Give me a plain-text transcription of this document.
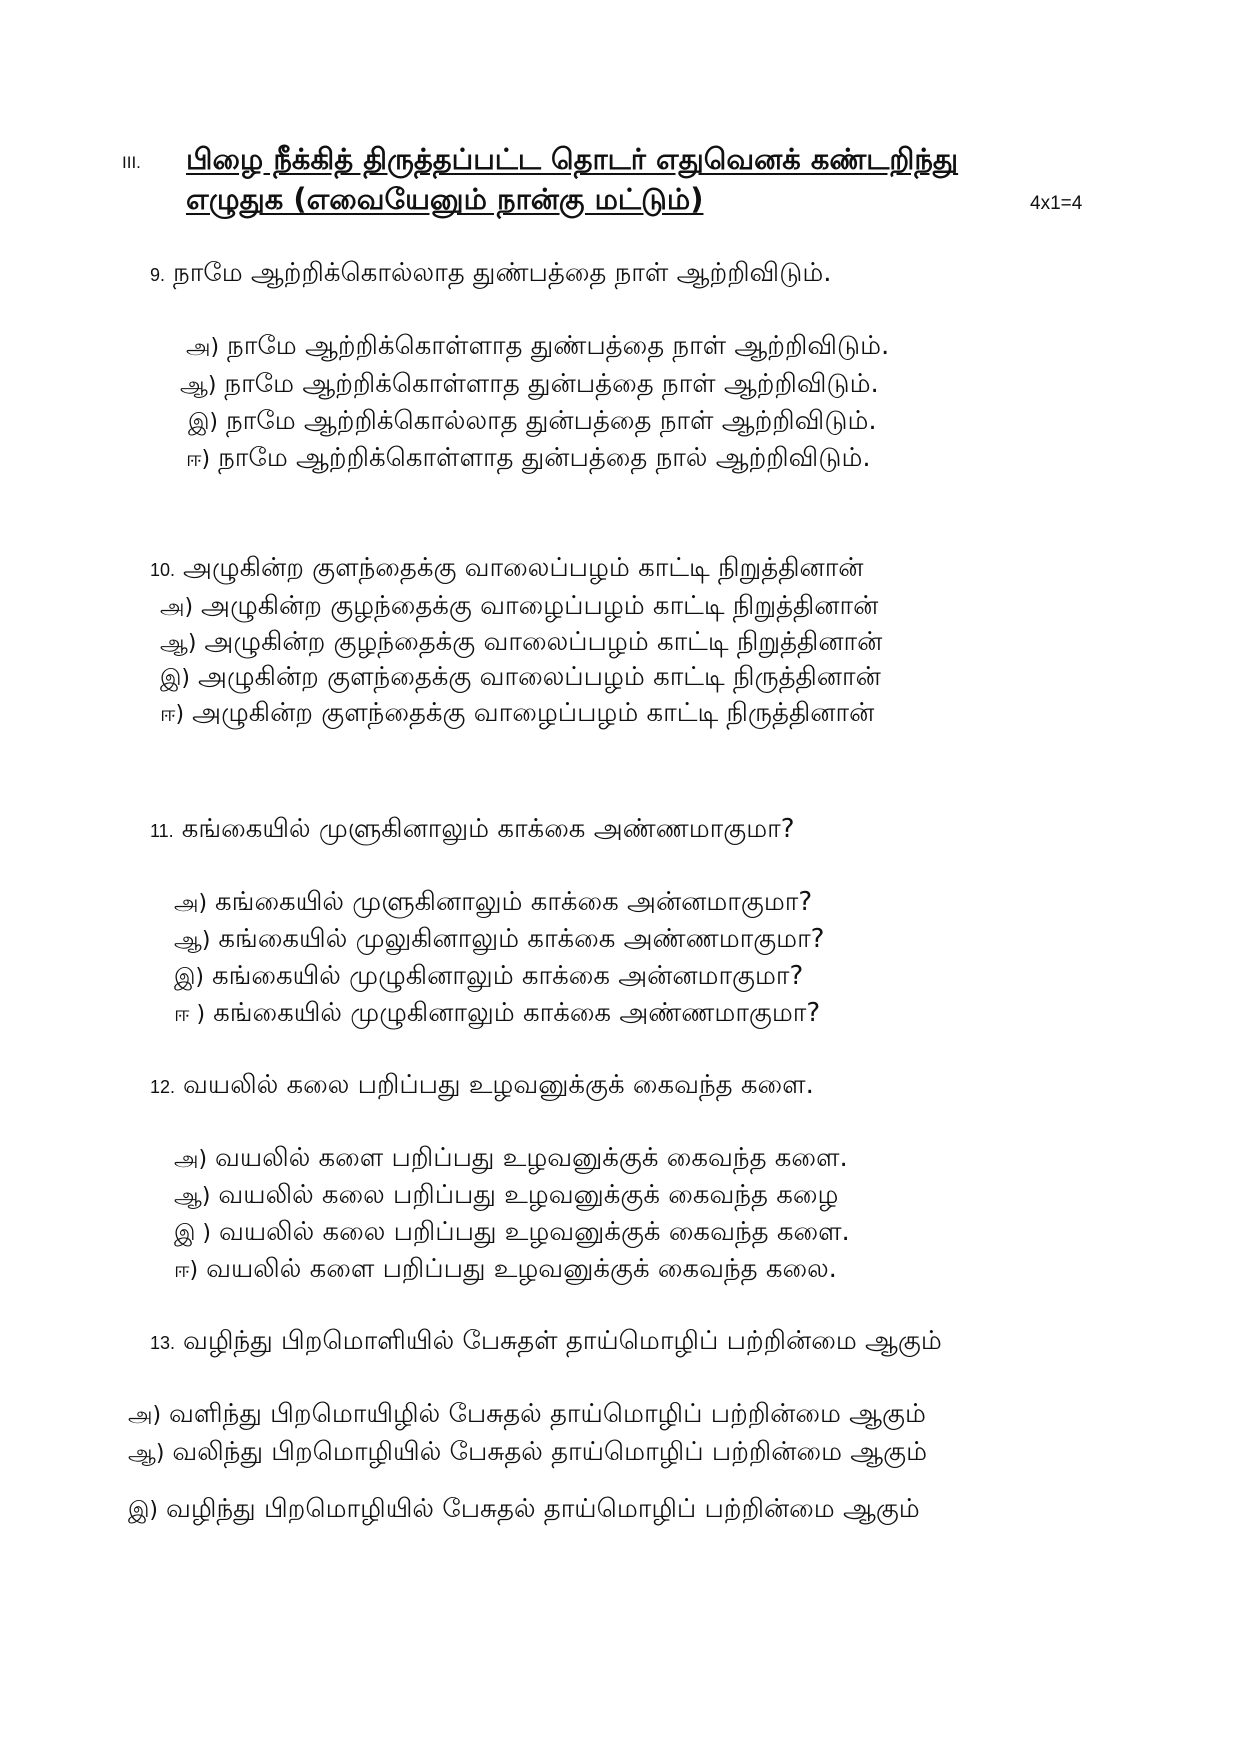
III. பிழை நீக்கித் திருத்தப்பட்ட தொடர் எதுவெனக் கண்டறிந்து
எழுதுக (எவையேனும் நான்கு மட்டும்)	4x1=4
9. நாமே ஆற்றிக்கொல்லாத துண்பத்தை நாள் ஆற்றிவிடும்.
அ) நாமே ஆற்றிக்கொள்ளாத துண்பத்தை நாள் ஆற்றிவிடும்.
ஆ) நாமே ஆற்றிக்கொள்ளாத துன்பத்தை நாள் ஆற்றிவிடும்.
இ) நாமே ஆற்றிக்கொல்லாத துன்பத்தை நாள் ஆற்றிவிடும்.
ஈ) நாமே ஆற்றிக்கொள்ளாத துன்பத்தை நால் ஆற்றிவிடும்.
10. அழுகின்ற குளந்தைக்கு வாலைப்பழம் காட்டி நிறுத்தினான்
அ) அழுகின்ற குழந்தைக்கு வாழைப்பழம் காட்டி நிறுத்தினான்
ஆ) அழுகின்ற குழந்தைக்கு வாலைப்பழம் காட்டி நிறுத்தினான்
இ) அழுகின்ற குளந்தைக்கு வாலைப்பழம் காட்டி நிருத்தினான்
ஈ) அழுகின்ற குளந்தைக்கு வாழைப்பழம் காட்டி நிருத்தினான்
11. கங்கையில் முளுகினாலும் காக்கை அண்ணமாகுமா?
அ) கங்கையில் முளுகினாலும் காக்கை அன்னமாகுமா?
ஆ) கங்கையில் முலுகினாலும் காக்கை அண்ணமாகுமா?
இ) கங்கையில் முழுகினாலும் காக்கை அன்னமாகுமா?
ஈ ) கங்கையில் முழுகினாலும் காக்கை அண்ணமாகுமா?
12. வயலில் கலை பறிப்பது உழவனுக்குக் கைவந்த களை.
அ) வயலில் களை பறிப்பது உழவனுக்குக் கைவந்த களை.
ஆ) வயலில் கலை பறிப்பது உழவனுக்குக் கைவந்த கழை
இ ) வயலில் கலை பறிப்பது உழவனுக்குக் கைவந்த களை.
ஈ) வயலில் களை பறிப்பது உழவனுக்குக் கைவந்த கலை.
13. வழிந்து பிறமொளியில் பேசுதள் தாய்மொழிப் பற்றின்மை ஆகும்
அ) வளிந்து பிறமொயிழில் பேசுதல் தாய்மொழிப் பற்றின்மை ஆகும்
ஆ) வலிந்து பிறமொழியில் பேசுதல் தாய்மொழிப் பற்றின்மை ஆகும்
இ) வழிந்து பிறமொழியில் பேசுதல் தாய்மொழிப் பற்றின்மை ஆகும்
